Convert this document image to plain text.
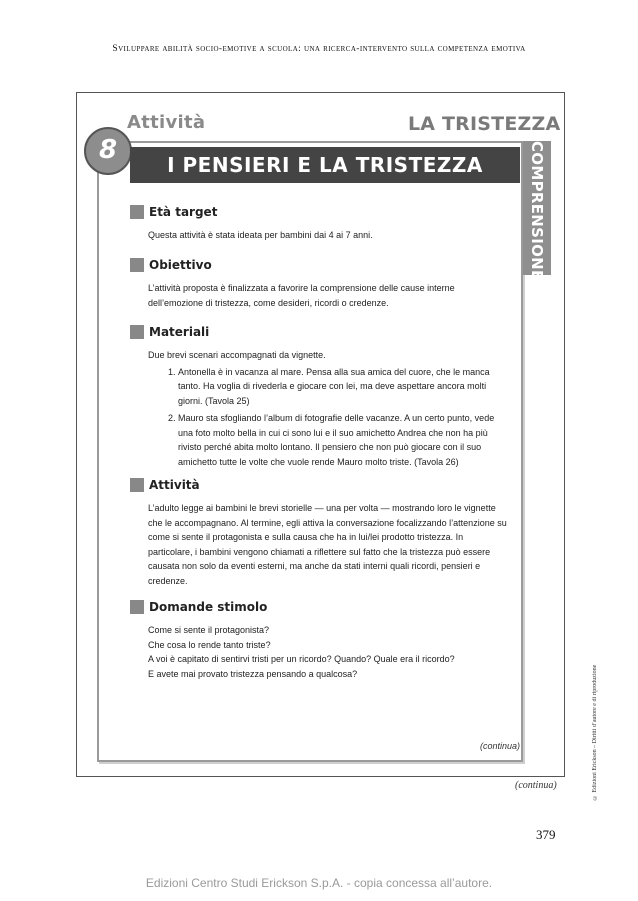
Sviluppare abilità socio-emotive a scuola: una ricerca-intervento sulla competenza emotiva
Attività
8
LA TRISTEZZA
COMPRENSIONE
I PENSIERI E LA TRISTEZZA
Età target

Questa attività è stata ideata per bambini dai 4 ai 7 anni.

Obiettivo

L’attività proposta è finalizzata a favorire la comprensione delle cause interne dell’emozione di tristezza, come desideri, ricordi o credenze.

Materiali

Due brevi scenari accompagnati da vignette.

1. Antonella è in vacanza al mare. Pensa alla sua amica del cuore, che le manca tanto. Ha voglia di rivederla e giocare con lei, ma deve aspettare ancora molti giorni. (Tavola 25)
2. Mauro sta sfogliando l’album di fotografie delle vacanze. A un certo punto, vede una foto molto bella in cui ci sono lui e il suo amichetto Andrea che non ha più rivisto perché abita molto lontano. Il pensiero che non può giocare con il suo amichetto tutte le volte che vuole rende Mauro molto triste. (Tavola 26)
Attività

L’adulto legge ai bambini le brevi storielle — una per volta — mostrando loro le vignette che le accompagnano. Al termine, egli attiva la conversazione focalizzando l’attenzione su come si sente il protagonista e sulla causa che ha in lui/lei prodotto tristezza. In particolare, i bambini vengono chiamati a riflettere sul fatto che la tristezza può essere causata non solo da eventi esterni, ma anche da stati interni quali ricordi, pensieri e credenze.

Domande stimolo

Come si sente il protagonista?

Che cosa lo rende tanto triste?

A voi è capitato di sentirvi tristi per un ricordo? Quando? Quale era il ricordo?

E avete mai provato tristezza pensando a qualcosa?

(continua)
(continua)
379
© Edizioni Erickson – Diritti d’autore e di riproduzione
Edizioni Centro Studi Erickson S.p.A. - copia concessa all’autore.
